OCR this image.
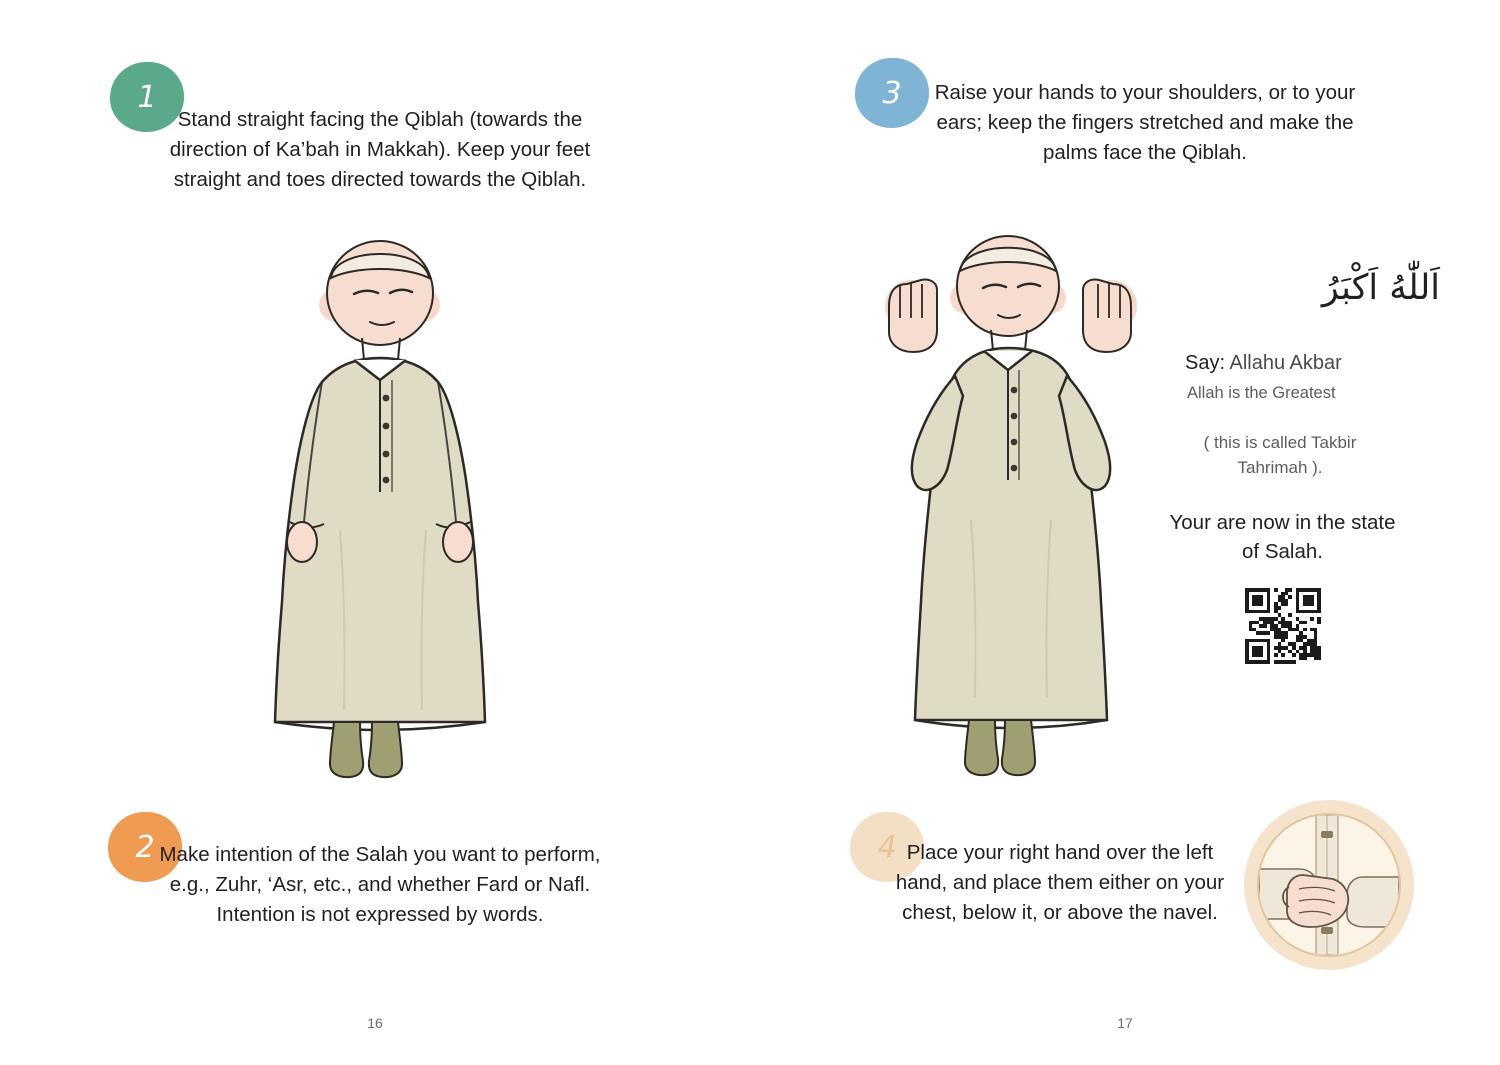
1
Stand straight facing the Qiblah (towards the direction of Ka’bah in Makkah). Keep your feet straight and toes directed towards the Qiblah.
2 Make intention of the Salah you want to perform, e.g., Zuhr, ‘Asr, etc., and whether Fard or Nafl. Intention is not expressed by words.
16
3	Raise your hands to your shoulders, or to your ears; keep the fingers stretched and make the palms face the Qiblah.
اَللّٰهُ اَكْبَرُ
Say: Allahu Akbar
Allah is the Greatest
( this is called Takbir Tahrimah ).
Your are now in the state of Salah.
4 Place your right hand over the left hand, and place them either on your chest, below it, or above the navel.
17
